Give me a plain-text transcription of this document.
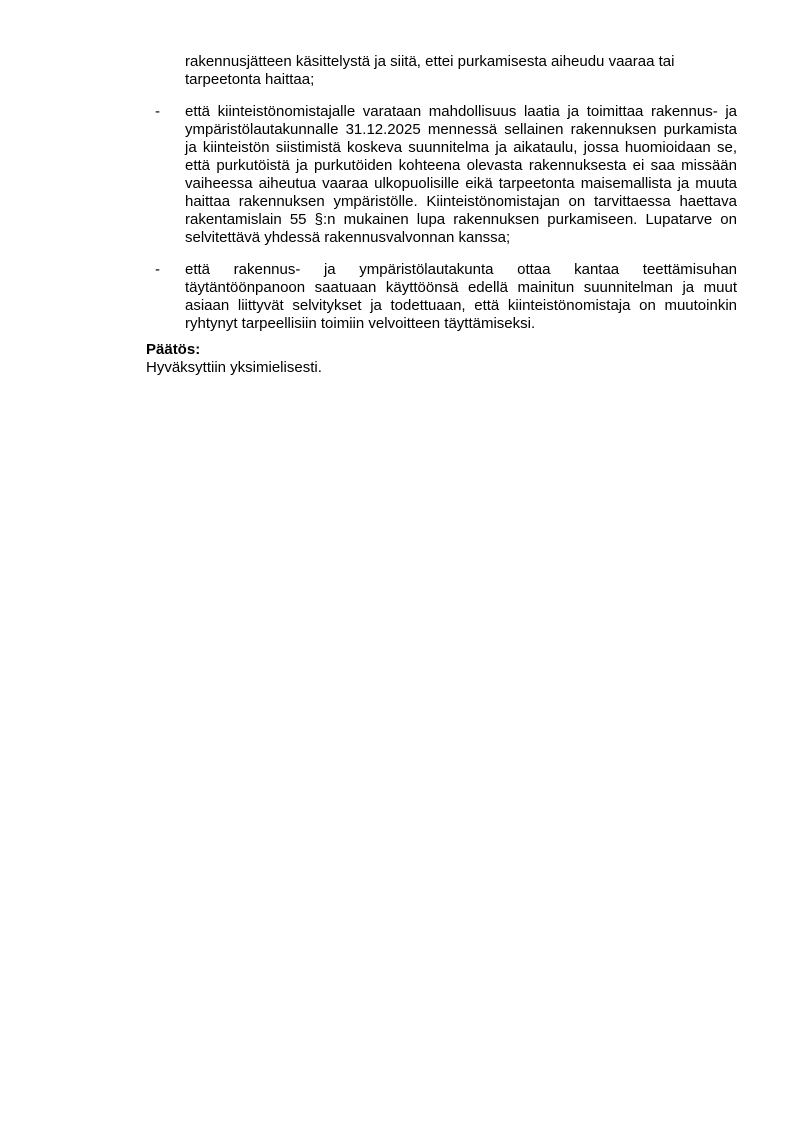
rakennusjätteen käsittelystä ja siitä, ettei purkamisesta aiheudu vaaraa tai tarpeetonta haittaa;

-	että kiinteistönomistajalle varataan mahdollisuus laatia ja toimittaa rakennus- ja ympäristölautakunnalle 31.12.2025 mennessä sellainen rakennuksen purkamista ja kiinteistön siistimistä koskeva suunnitelma ja aikataulu, jossa huomioidaan se, että purkutöistä ja purkutöiden kohteena olevasta rakennuksesta ei saa missään vaiheessa aiheutua vaaraa ulkopuolisille eikä tarpeetonta maisemallista ja muuta haittaa rakennuksen ympäristölle. Kiinteistönomistajan on tarvittaessa haettava rakentamislain 55 §:n mukainen lupa rakennuksen purkamiseen. Lupatarve on selvitettävä yhdessä rakennusvalvonnan kanssa;
-	että rakennus- ja ympäristölautakunta ottaa kantaa teettämisuhan täytäntöönpanoon saatuaan käyttöönsä edellä mainitun suunnitelman ja muut asiaan liittyvät selvitykset ja todettuaan, että kiinteistönomistaja on muutoinkin ryhtynyt tarpeellisiin toimiin velvoitteen täyttämiseksi.
Päätös:
Hyväksyttiin yksimielisesti.
